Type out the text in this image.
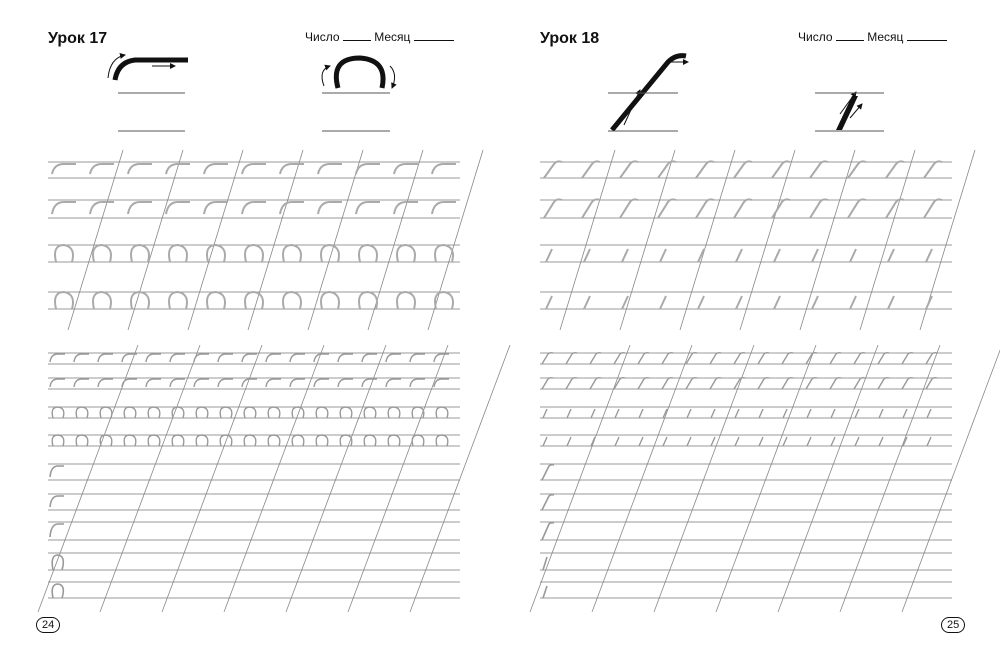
Урок 17	Число	Месяц
24
Урок 18	Число	Месяц
25
